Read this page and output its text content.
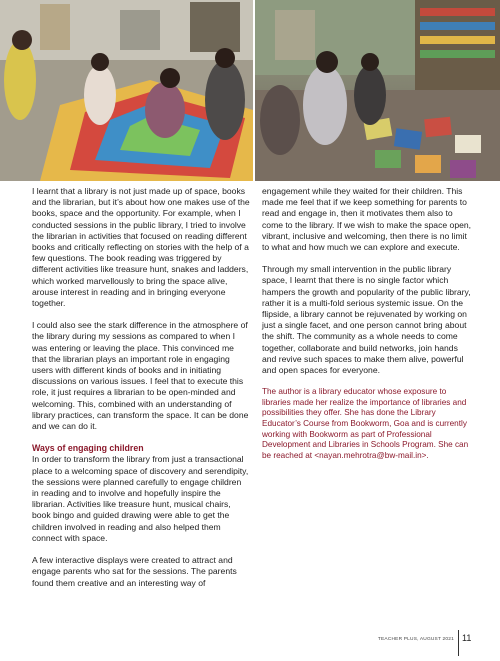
I learnt that a library is not just made up of space, books and the librarian, but it’s about how one makes use of the books, space and the opportunity. For example, when I conducted sessions in the public library, I tried to involve the librarian in activities that focused on reading different books and critically reflecting on stories with the help of a few questions. The book reading was triggered by different activities like treasure hunt, snakes and ladders, which worked marvellously to bring the space alive, arouse interest in reading and in bringing everyone together.

I could also see the stark difference in the atmosphere of the library during my sessions as compared to when I was entering or leaving the place. This convinced me that the librarian plays an important role in engaging users with different kinds of books and in initiating discussions on various issues. I feel that to execute this role, it just requires a librarian to be open-minded and welcoming. This, combined with an understanding of library practices, can transform the space. It can be done and we can do it.

Ways of engaging children

In order to transform the library from just a transactional place to a welcoming space of discovery and serendipity, the sessions were planned carefully to engage children in reading and to involve and hopefully inspire the librarian. Activities like treasure hunt, musical chairs, book bingo and guided drawing were able to get the children involved in reading and also helped them connect with space.

A few interactive displays were created to attract and engage parents who sat for the sessions. The parents found them creative and an interesting way of

engagement while they waited for their children. This made me feel that if we keep something for parents to read and engage in, then it motivates them also to come to the library. If we wish to make the space open, vibrant, inclusive and welcoming, then there is no limit to what and how much we can explore and execute.

Through my small intervention in the public library space, I learnt that there is no single factor which hampers the growth and popularity of the public library, rather it is a multi-fold serious systemic issue. On the flipside, a library cannot be rejuvenated by working on just a single facet, and one person cannot bring about the shift. The community as a whole needs to come together, collaborate and build networks, join hands and revive such spaces to make them alive, powerful and open spaces for everyone.

The author is a library educator whose exposure to libraries made her realize the importance of libraries and possibilities they offer. She has done the Library Educator’s Course from Bookworm, Goa and is currently working with Bookworm as part of Professional Development and Libraries in Schools Program. She can be reached at <nayan.mehrotra@bw-mail.in>.
TEACHER PLUS, AUGUST 2021 11
